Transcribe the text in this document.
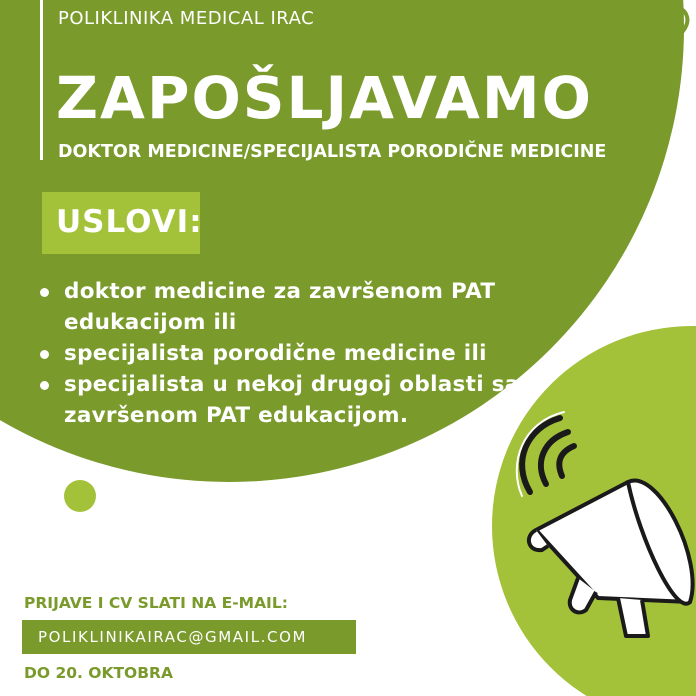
POLIKLINIKA MEDICAL IRAC
ZAPOŠLJAVAMO
DOKTOR MEDICINE/SPECIJALISTA PORODIČNE MEDICINE
USLOVI:
doktor medicine za završenom PAT edukacijom ili
specijalista porodične medicine ili
specijalista u nekoj drugoj oblasti sa završenom PAT edukacijom.
PRIJAVE I CV SLATI NA E-MAIL:
POLIKLINIKAIRAC@GMAIL.COM
DO 20. OKTOBRA
